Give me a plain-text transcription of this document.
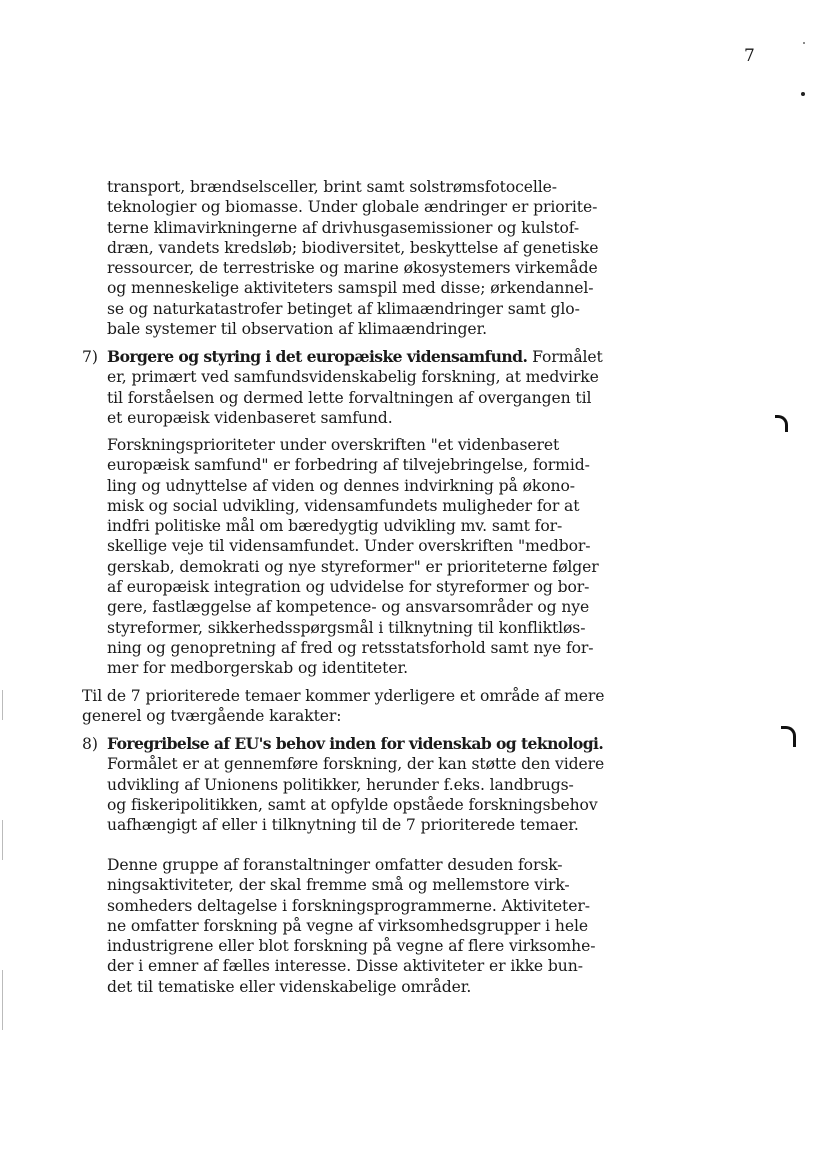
7
transport, brændselsceller, brint samt solstrømsfotocelle-
teknologier og biomasse. Under globale ændringer er priorite-
terne klimavirkningerne af drivhusgasemissioner og kulstof-
dræn, vandets kredsløb; biodiversitet, beskyttelse af genetiske
ressourcer, de terrestriske og marine økosystemers virkemåde
og menneskelige aktiviteters samspil med disse; ørkendannel-
se og naturkatastrofer betinget af klimaændringer samt glo-
bale systemer til observation af klimaændringer.
7) Borgere og styring i det europæiske vidensamfund. Formålet
er, primært ved samfundsvidenskabelig forskning, at medvirke
til forståelsen og dermed lette forvaltningen af overgangen til
et europæisk videnbaseret samfund.
Forskningsprioriteter under overskriften "et videnbaseret
europæisk samfund" er forbedring af tilvejebringelse, formid-
ling og udnyttelse af viden og dennes indvirkning på økono-
misk og social udvikling, vidensamfundets muligheder for at
indfri politiske mål om bæredygtig udvikling mv. samt for-
skellige veje til vidensamfundet. Under overskriften "medbor-
gerskab, demokrati og nye styreformer" er prioriteterne følger
af europæisk integration og udvidelse for styreformer og bor-
gere, fastlæggelse af kompetence- og ansvarsområder og nye
styreformer, sikkerhedsspørgsmål i tilknytning til konfliktløs-
ning og genopretning af fred og retsstatsforhold samt nye for-
mer for medborgerskab og identiteter.
Til de 7 prioriterede temaer kommer yderligere et område af mere
generel og tværgående karakter:
8) Foregribelse af EU's behov inden for videnskab og teknologi.
Formålet er at gennemføre forskning, der kan støtte den videre
udvikling af Unionens politikker, herunder f.eks. landbrugs-
og fiskeripolitikken, samt at opfylde opståede forskningsbehov
uafhængigt af eller i tilknytning til de 7 prioriterede temaer.
Denne gruppe af foranstaltninger omfatter desuden forsk-
ningsaktiviteter, der skal fremme små og mellemstore virk-
somheders deltagelse i forskningsprogrammerne. Aktiviteter-
ne omfatter forskning på vegne af virksomhedsgrupper i hele
industrigrene eller blot forskning på vegne af flere virksomhe-
der i emner af fælles interesse. Disse aktiviteter er ikke bun-
det til tematiske eller videnskabelige områder.
